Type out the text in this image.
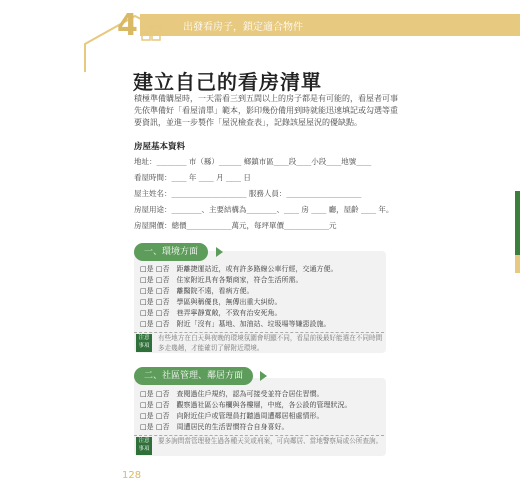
4	出發看房子，鎖定適合物件
建立自己的看房清單
積極準備購屋時，一天需看三到五間以上的房子都是有可能的，看屋者可事先依準備好「看屋清單」範本，影印幾份備用到時就能迅速填記或勾選等重要資訊，並進一步製作「屋況檢查表」，記錄該屋屋況的優缺點。
房屋基本資料
地址：________ 市（縣）______ 鄉鎮市區____段____小段____地號____
看屋時間：____ 年 ____ 月 ____ 日
屋主姓名：____________________ 服務人員：____________________
房屋用途：________、主要結構為________、____ 房 ____ 廳，屋齡 ____ 年。
房屋開價：總價____________萬元，每坪單價____________元
一、環境方面
□是 □否　距離捷運站近，或有許多路線公車行經，交通方便。
□是 □否　住家附近具有各類商家，符合生活所需。
□是 □否　離醫院不遠，看病方便。
□是 □否　學區與稱優良，無傳出重大糾紛。
□是 □否　巷弄寧靜寬敞，不致有治安死角。
□是 □否　附近「沒有」墓地、加油站、垃圾場等嫌惡設施。
注意事項
有些地方在白天與夜晚的環境氛圍會明顯不同，看屋前後最好能選在不同時間多走幾趟，才能確切了解附近環境。
二、社區管理、鄰居方面
□是 □否　查閱過住戶規約，認為可接受並符合居住習慣。
□是 □否　觀察過社區公布欄與各樓層，中庭，各公設的管理狀況。
□是 □否　向附近住戶或管理員打聽過周遭鄰居相處情形。
□是 □否　周遭居民的生活習慣符合自身喜好。
注意事項
要多詢問當管理發生過各種天災或刑案，可向鄰居、當地警察局或公所查詢。
128
